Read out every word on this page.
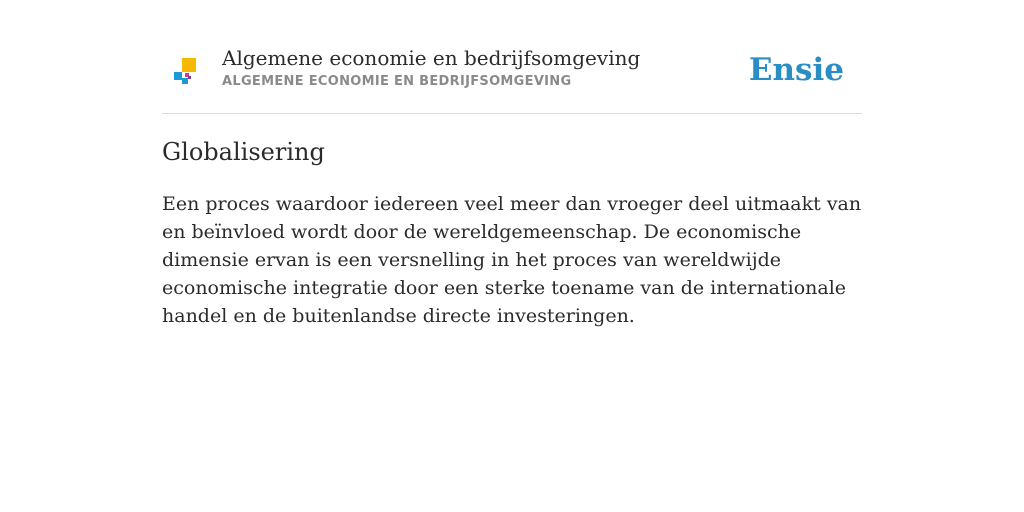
Algemene economie en bedrijfsomgeving
ALGEMENE ECONOMIE EN BEDRIJFSOMGEVING	Ensie
Globalisering
Een proces waardoor iedereen veel meer dan vroeger deel uitmaakt van en beïnvloed wordt door de wereldgemeenschap. De economische dimensie ervan is een versnelling in het proces van wereldwijde economische integratie door een sterke toename van de internationale handel en de buitenlandse directe investeringen.
